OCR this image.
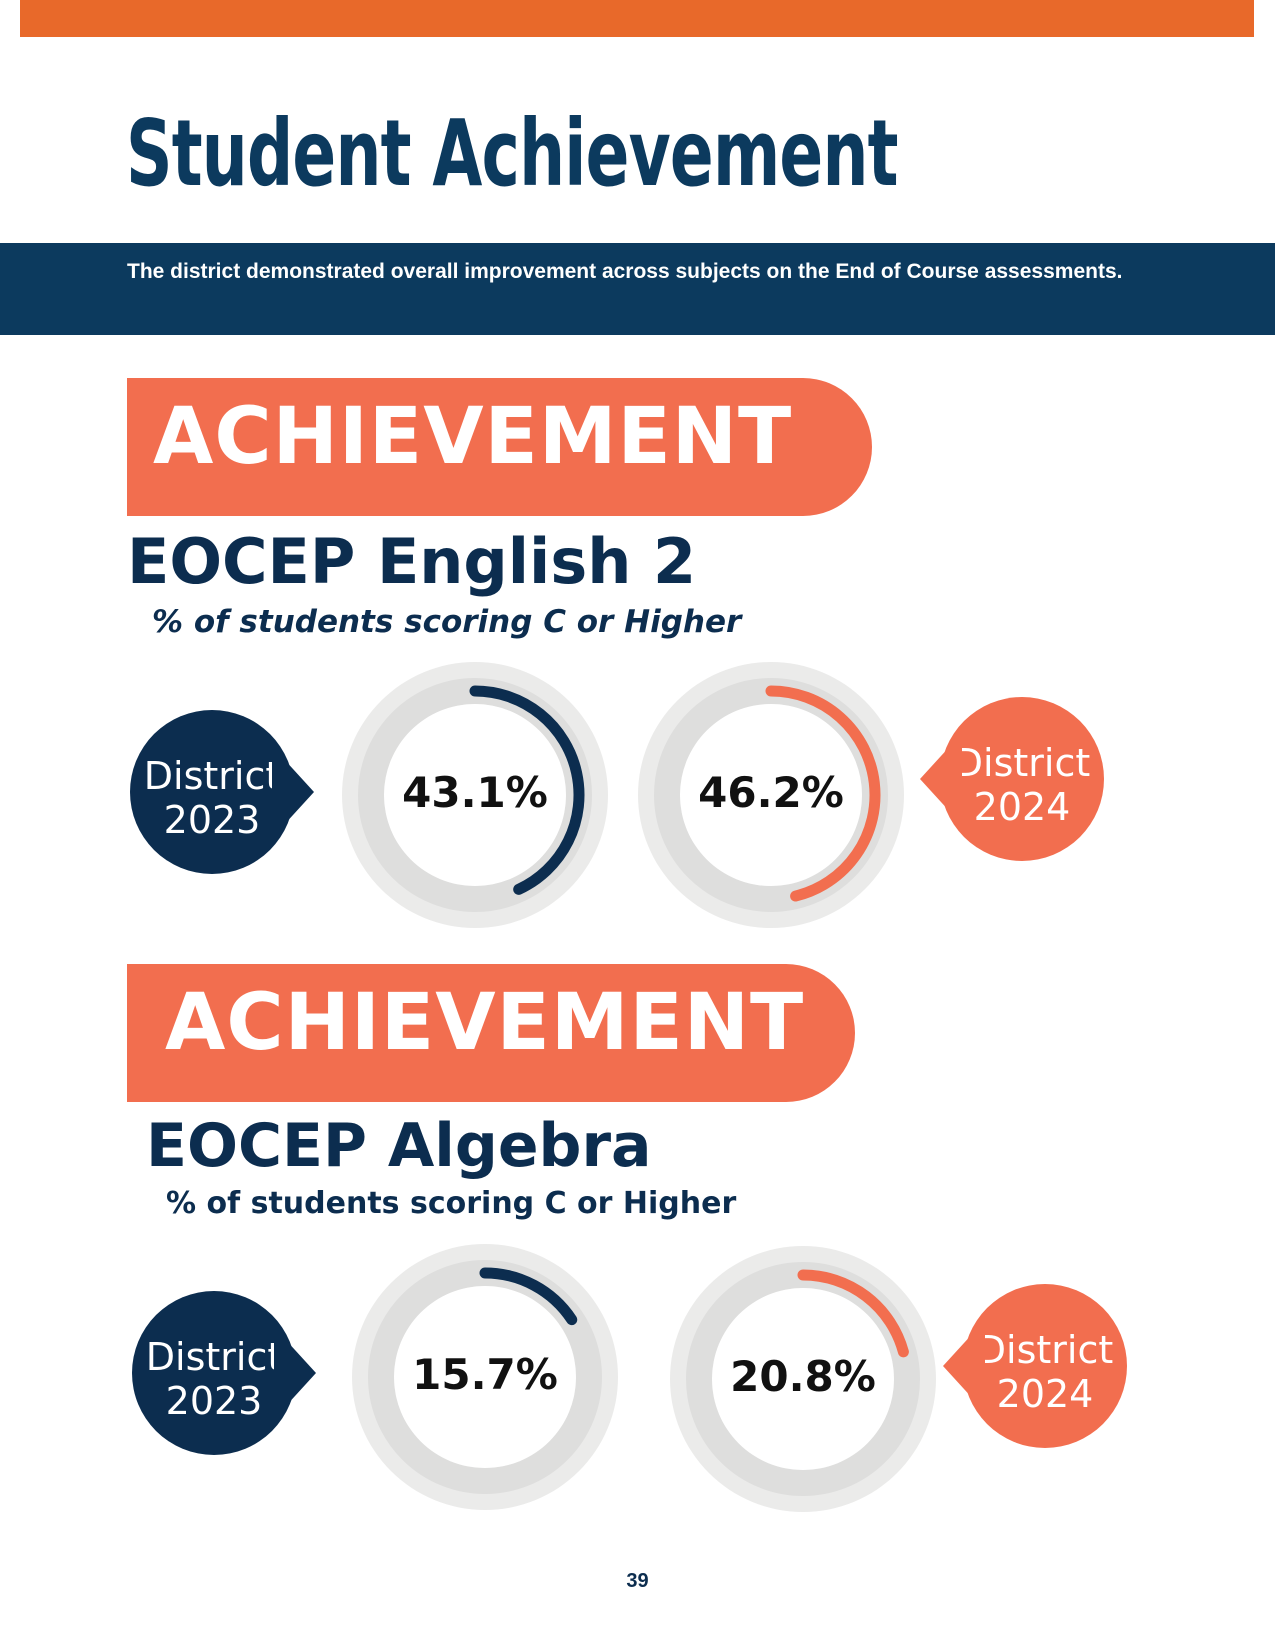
Student Achievement
The district demonstrated overall improvement across subjects on the End of Course assessments.
ACHIEVEMENT
EOCEP English 2
% of students scoring C or Higher
District
2023
43.1%	46.2%
District
2024
ACHIEVEMENT
EOCEP Algebra
% of students scoring C or Higher
District
2023
15.7%	20.8%
District
2024
39
